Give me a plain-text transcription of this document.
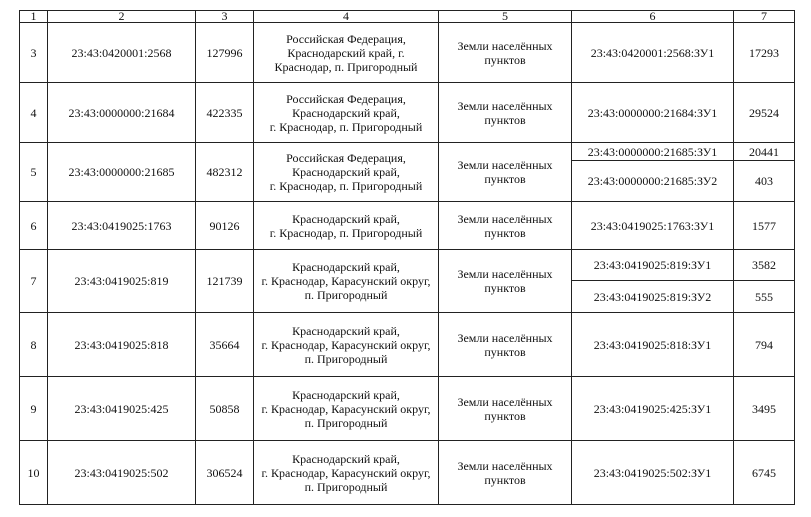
1	2	3	4	5	6	7
3	23:43:0420001:2568	127996	Российская Федерация,
Краснодарский край, г.
Краснодар, п. Пригородный	Земли населённых
пунктов	23:43:0420001:2568:ЗУ1	17293
4	23:43:0000000:21684	422335	Российская Федерация,
Краснодарский край,
г. Краснодар, п. Пригородный	Земли населённых
пунктов	23:43:0000000:21684:ЗУ1	29524
5	23:43:0000000:21685	482312	Российская Федерация,
Краснодарский край,
г. Краснодар, п. Пригородный	Земли населённых
пунктов	23:43:0000000:21685:ЗУ1	20441
					23:43:0000000:21685:ЗУ2	403
6	23:43:0419025:1763	90126	Краснодарский край,
г. Краснодар, п. Пригородный	Земли населённых
пунктов	23:43:0419025:1763:ЗУ1	1577
7	23:43:0419025:819	121739	Краснодарский край,
г. Краснодар, Карасунский округ,
п. Пригородный	Земли населённых
пунктов	23:43:0419025:819:ЗУ1	3582
					23:43:0419025:819:ЗУ2	555
8	23:43:0419025:818	35664	Краснодарский край,
г. Краснодар, Карасунский округ,
п. Пригородный	Земли населённых
пунктов	23:43:0419025:818:ЗУ1	794
9	23:43:0419025:425	50858	Краснодарский край,
г. Краснодар, Карасунский округ,
п. Пригородный	Земли населённых
пунктов	23:43:0419025:425:ЗУ1	3495
10	23:43:0419025:502	306524	Краснодарский край,
г. Краснодар, Карасунский округ,
п. Пригородный	Земли населённых
пунктов	23:43:0419025:502:ЗУ1	6745
